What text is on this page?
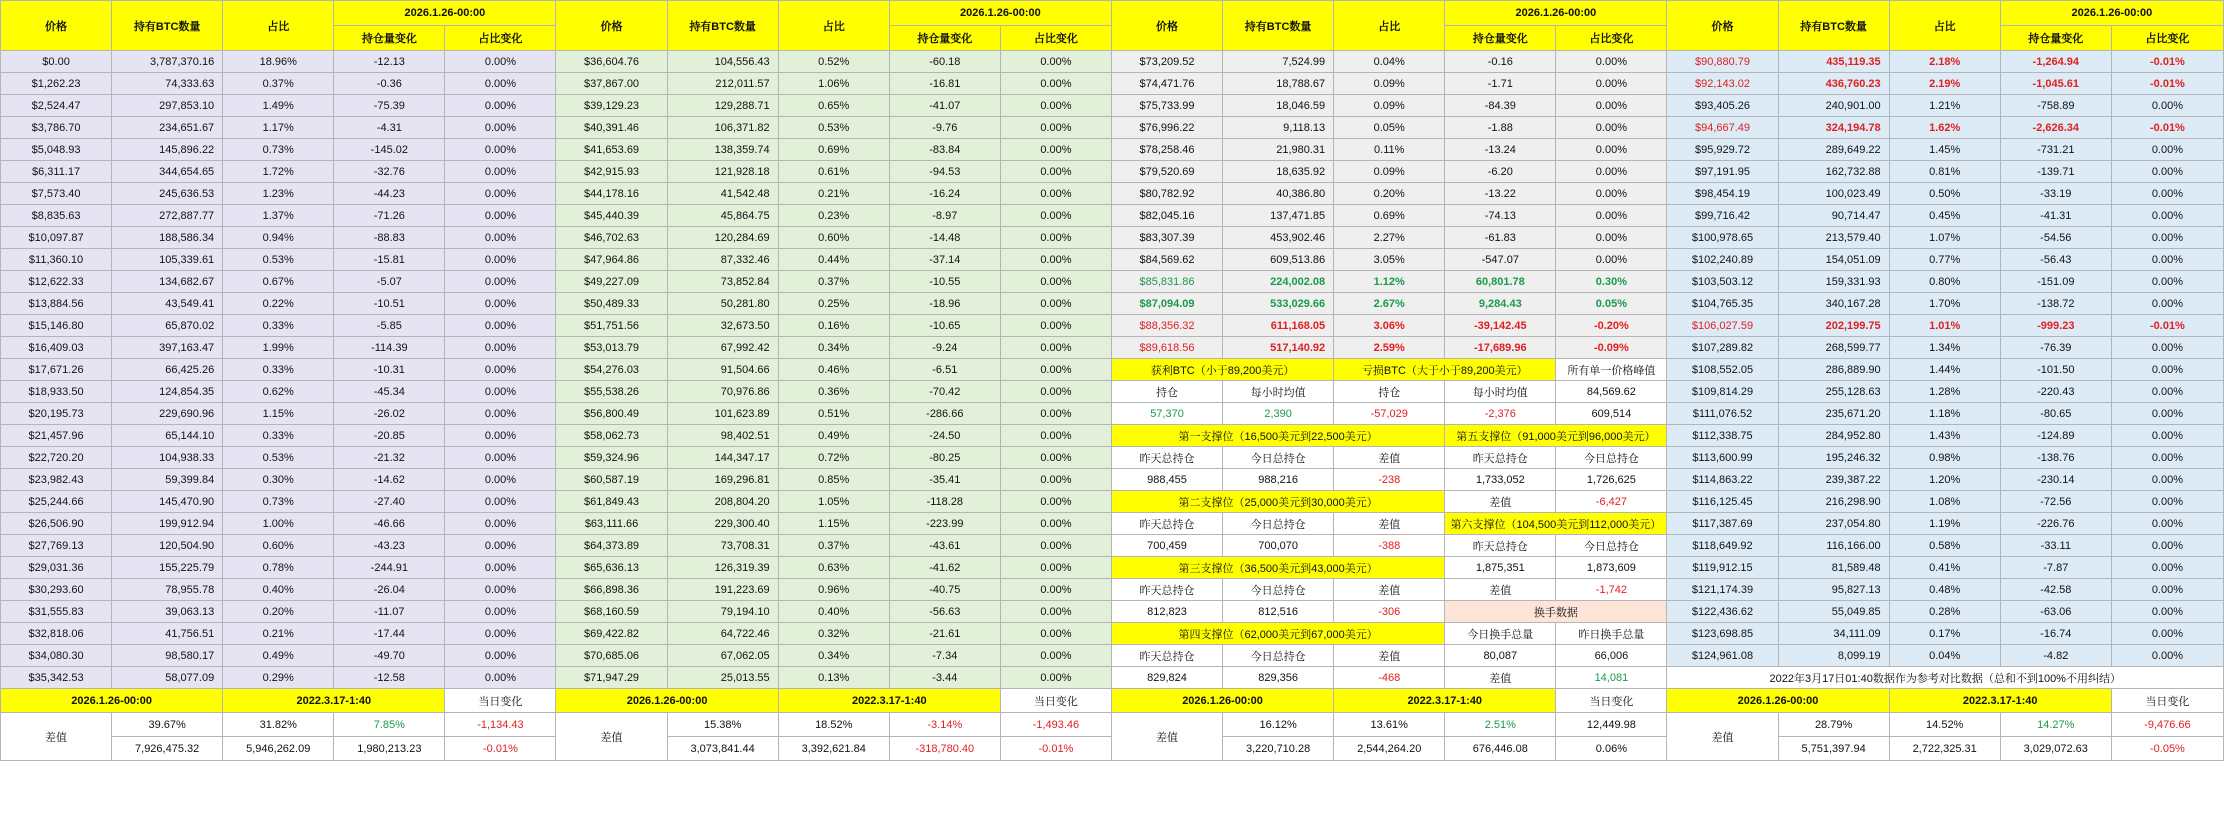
价格	持有BTC数量	占比	2026.1.26-00:00		价格	持有BTC数量	占比	2026.1.26-00:00		价格	持有BTC数量	占比	2026.1.26-00:00		价格	持有BTC数量	占比	2026.1.26-00:00	
			持仓量变化	占比变化				持仓量变化	占比变化				持仓量变化	占比变化				持仓量变化	占比变化
$0.00	3,787,370.16	18.96%	-12.13	0.00%	$36,604.76	104,556.43	0.52%	-60.18	0.00%	$73,209.52	7,524.99	0.04%	-0.16	0.00%	$90,880.79	435,119.35	2.18%	-1,264.94	-0.01%
$1,262.23	74,333.63	0.37%	-0.36	0.00%	$37,867.00	212,011.57	1.06%	-16.81	0.00%	$74,471.76	18,788.67	0.09%	-1.71	0.00%	$92,143.02	436,760.23	2.19%	-1,045.61	-0.01%
$2,524.47	297,853.10	1.49%	-75.39	0.00%	$39,129.23	129,288.71	0.65%	-41.07	0.00%	$75,733.99	18,046.59	0.09%	-84.39	0.00%	$93,405.26	240,901.00	1.21%	-758.89	0.00%
$3,786.70	234,651.67	1.17%	-4.31	0.00%	$40,391.46	106,371.82	0.53%	-9.76	0.00%	$76,996.22	9,118.13	0.05%	-1.88	0.00%	$94,667.49	324,194.78	1.62%	-2,626.34	-0.01%
$5,048.93	145,896.22	0.73%	-145.02	0.00%	$41,653.69	138,359.74	0.69%	-83.84	0.00%	$78,258.46	21,980.31	0.11%	-13.24	0.00%	$95,929.72	289,649.22	1.45%	-731.21	0.00%
$6,311.17	344,654.65	1.72%	-32.76	0.00%	$42,915.93	121,928.18	0.61%	-94.53	0.00%	$79,520.69	18,635.92	0.09%	-6.20	0.00%	$97,191.95	162,732.88	0.81%	-139.71	0.00%
$7,573.40	245,636.53	1.23%	-44.23	0.00%	$44,178.16	41,542.48	0.21%	-16.24	0.00%	$80,782.92	40,386.80	0.20%	-13.22	0.00%	$98,454.19	100,023.49	0.50%	-33.19	0.00%
$8,835.63	272,887.77	1.37%	-71.26	0.00%	$45,440.39	45,864.75	0.23%	-8.97	0.00%	$82,045.16	137,471.85	0.69%	-74.13	0.00%	$99,716.42	90,714.47	0.45%	-41.31	0.00%
$10,097.87	188,586.34	0.94%	-88.83	0.00%	$46,702.63	120,284.69	0.60%	-14.48	0.00%	$83,307.39	453,902.46	2.27%	-61.83	0.00%	$100,978.65	213,579.40	1.07%	-54.56	0.00%
$11,360.10	105,339.61	0.53%	-15.81	0.00%	$47,964.86	87,332.46	0.44%	-37.14	0.00%	$84,569.62	609,513.86	3.05%	-547.07	0.00%	$102,240.89	154,051.09	0.77%	-56.43	0.00%
$12,622.33	134,682.67	0.67%	-5.07	0.00%	$49,227.09	73,852.84	0.37%	-10.55	0.00%	$85,831.86	224,002.08	1.12%	60,801.78	0.30%	$103,503.12	159,331.93	0.80%	-151.09	0.00%
$13,884.56	43,549.41	0.22%	-10.51	0.00%	$50,489.33	50,281.80	0.25%	-18.96	0.00%	$87,094.09	533,029.66	2.67%	9,284.43	0.05%	$104,765.35	340,167.28	1.70%	-138.72	0.00%
$15,146.80	65,870.02	0.33%	-5.85	0.00%	$51,751.56	32,673.50	0.16%	-10.65	0.00%	$88,356.32	611,168.05	3.06%	-39,142.45	-0.20%	$106,027.59	202,199.75	1.01%	-999.23	-0.01%
$16,409.03	397,163.47	1.99%	-114.39	0.00%	$53,013.79	67,992.42	0.34%	-9.24	0.00%	$89,618.56	517,140.92	2.59%	-17,689.96	-0.09%	$107,289.82	268,599.77	1.34%	-76.39	0.00%
$17,671.26	66,425.26	0.33%	-10.31	0.00%	$54,276.03	91,504.66	0.46%	-6.51	0.00%	获利BTC（小于89,200美元）		亏损BTC（大于小于89,200美元）		所有单一价格峰值	$108,552.05	286,889.90	1.44%	-101.50	0.00%
$18,933.50	124,854.35	0.62%	-45.34	0.00%	$55,538.26	70,976.86	0.36%	-70.42	0.00%	持仓	每小时均值	持仓	每小时均值	84,569.62	$109,814.29	255,128.63	1.28%	-220.43	0.00%
$20,195.73	229,690.96	1.15%	-26.02	0.00%	$56,800.49	101,623.89	0.51%	-286.66	0.00%	57,370	2,390	-57,029	-2,376	609,514	$111,076.52	235,671.20	1.18%	-80.65	0.00%
$21,457.96	65,144.10	0.33%	-20.85	0.00%	$58,062.73	98,402.51	0.49%	-24.50	0.00%	第一支撑位（16,500美元到22,500美元）			第五支撑位（91,000美元到96,000美元）		$112,338.75	284,952.80	1.43%	-124.89	0.00%
$22,720.20	104,938.33	0.53%	-21.32	0.00%	$59,324.96	144,347.17	0.72%	-80.25	0.00%	昨天总持仓	今日总持仓	差值	昨天总持仓	今日总持仓	$113,600.99	195,246.32	0.98%	-138.76	0.00%
$23,982.43	59,399.84	0.30%	-14.62	0.00%	$60,587.19	169,296.81	0.85%	-35.41	0.00%	988,455	988,216	-238	1,733,052	1,726,625	$114,863.22	239,387.22	1.20%	-230.14	0.00%
$25,244.66	145,470.90	0.73%	-27.40	0.00%	$61,849.43	208,804.20	1.05%	-118.28	0.00%	第二支撑位（25,000美元到30,000美元）			差值	-6,427	$116,125.45	216,298.90	1.08%	-72.56	0.00%
$26,506.90	199,912.94	1.00%	-46.66	0.00%	$63,111.66	229,300.40	1.15%	-223.99	0.00%	昨天总持仓	今日总持仓	差值	第六支撑位（104,500美元到112,000美元）		$117,387.69	237,054.80	1.19%	-226.76	0.00%
$27,769.13	120,504.90	0.60%	-43.23	0.00%	$64,373.89	73,708.31	0.37%	-43.61	0.00%	700,459	700,070	-388	昨天总持仓	今日总持仓	$118,649.92	116,166.00	0.58%	-33.11	0.00%
$29,031.36	155,225.79	0.78%	-244.91	0.00%	$65,636.13	126,319.39	0.63%	-41.62	0.00%	第三支撑位（36,500美元到43,000美元）			1,875,351	1,873,609	$119,912.15	81,589.48	0.41%	-7.87	0.00%
$30,293.60	78,955.78	0.40%	-26.04	0.00%	$66,898.36	191,223.69	0.96%	-40.75	0.00%	昨天总持仓	今日总持仓	差值	差值	-1,742	$121,174.39	95,827.13	0.48%	-42.58	0.00%
$31,555.83	39,063.13	0.20%	-11.07	0.00%	$68,160.59	79,194.10	0.40%	-56.63	0.00%	812,823	812,516	-306	换手数据		$122,436.62	55,049.85	0.28%	-63.06	0.00%
$32,818.06	41,756.51	0.21%	-17.44	0.00%	$69,422.82	64,722.46	0.32%	-21.61	0.00%	第四支撑位（62,000美元到67,000美元）			今日换手总量	昨日换手总量	$123,698.85	34,111.09	0.17%	-16.74	0.00%
$34,080.30	98,580.17	0.49%	-49.70	0.00%	$70,685.06	67,062.05	0.34%	-7.34	0.00%	昨天总持仓	今日总持仓	差值	80,087	66,006	$124,961.08	8,099.19	0.04%	-4.82	0.00%
$35,342.53	58,077.09	0.29%	-12.58	0.00%	$71,947.29	25,013.55	0.13%	-3.44	0.00%	829,824	829,356	-468	差值	14,081	2022年3月17日01:40数据作为参考对比数据（总和不到100%不用纠结）				
2026.1.26-00:00		2022.3.17-1:40		当日变化	2026.1.26-00:00		2022.3.17-1:40		当日变化	2026.1.26-00:00		2022.3.17-1:40		当日变化	2026.1.26-00:00		2022.3.17-1:40		当日变化
差值	39.67%	31.82%	7.85%	-1,134.43	差值	15.38%	18.52%	-3.14%	-1,493.46	差值	16.12%	13.61%	2.51%	12,449.98	差值	28.79%	14.52%	14.27%	-9,476.66
	7,926,475.32	5,946,262.09	1,980,213.23	-0.01%		3,073,841.44	3,392,621.84	-318,780.40	-0.01%		3,220,710.28	2,544,264.20	676,446.08	0.06%		5,751,397.94	2,722,325.31	3,029,072.63	-0.05%
